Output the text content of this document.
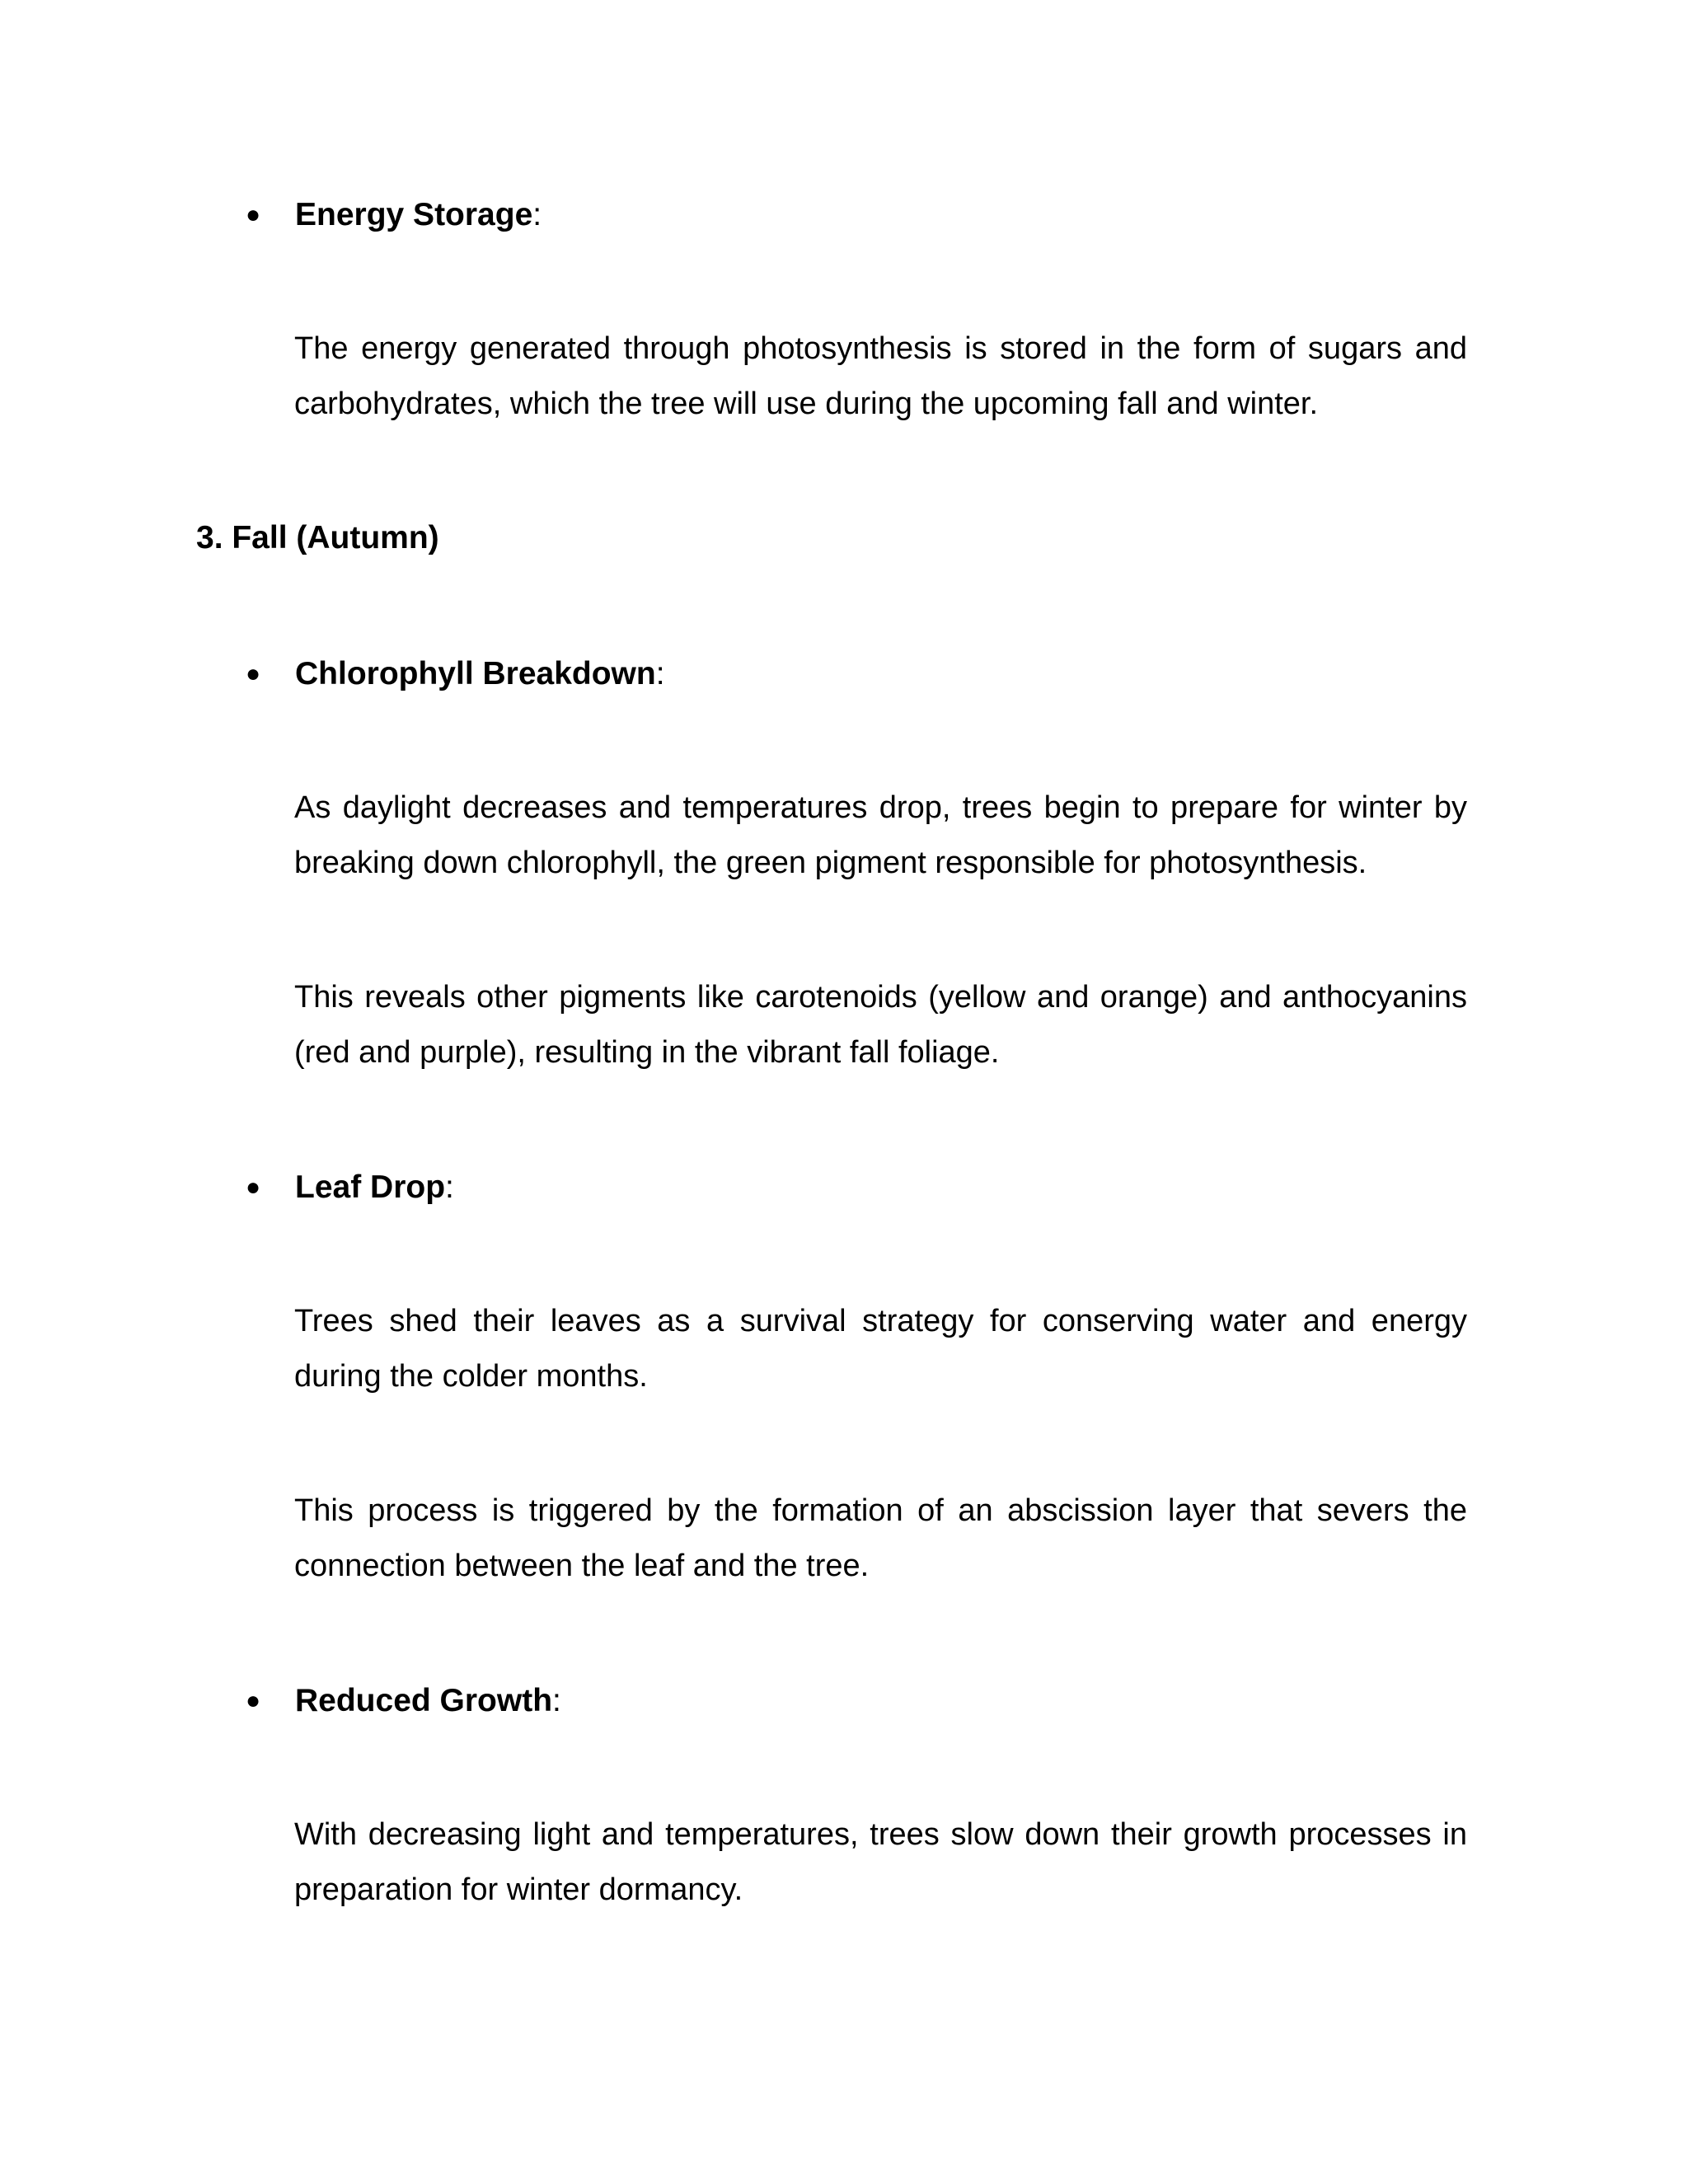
● Energy Storage:

The energy generated through photosynthesis is stored in the form of sugars and carbohydrates, which the tree will use during the upcoming fall and winter.

3. Fall (Autumn)
● Chlorophyll Breakdown:

As daylight decreases and temperatures drop, trees begin to prepare for winter by breaking down chlorophyll, the green pigment responsible for photosynthesis.

This reveals other pigments like carotenoids (yellow and orange) and anthocyanins (red and purple), resulting in the vibrant fall foliage.

● Leaf Drop:

Trees shed their leaves as a survival strategy for conserving water and energy during the colder months.

This process is triggered by the formation of an abscission layer that severs the connection between the leaf and the tree.

● Reduced Growth:

With decreasing light and temperatures, trees slow down their growth processes in preparation for winter dormancy.
